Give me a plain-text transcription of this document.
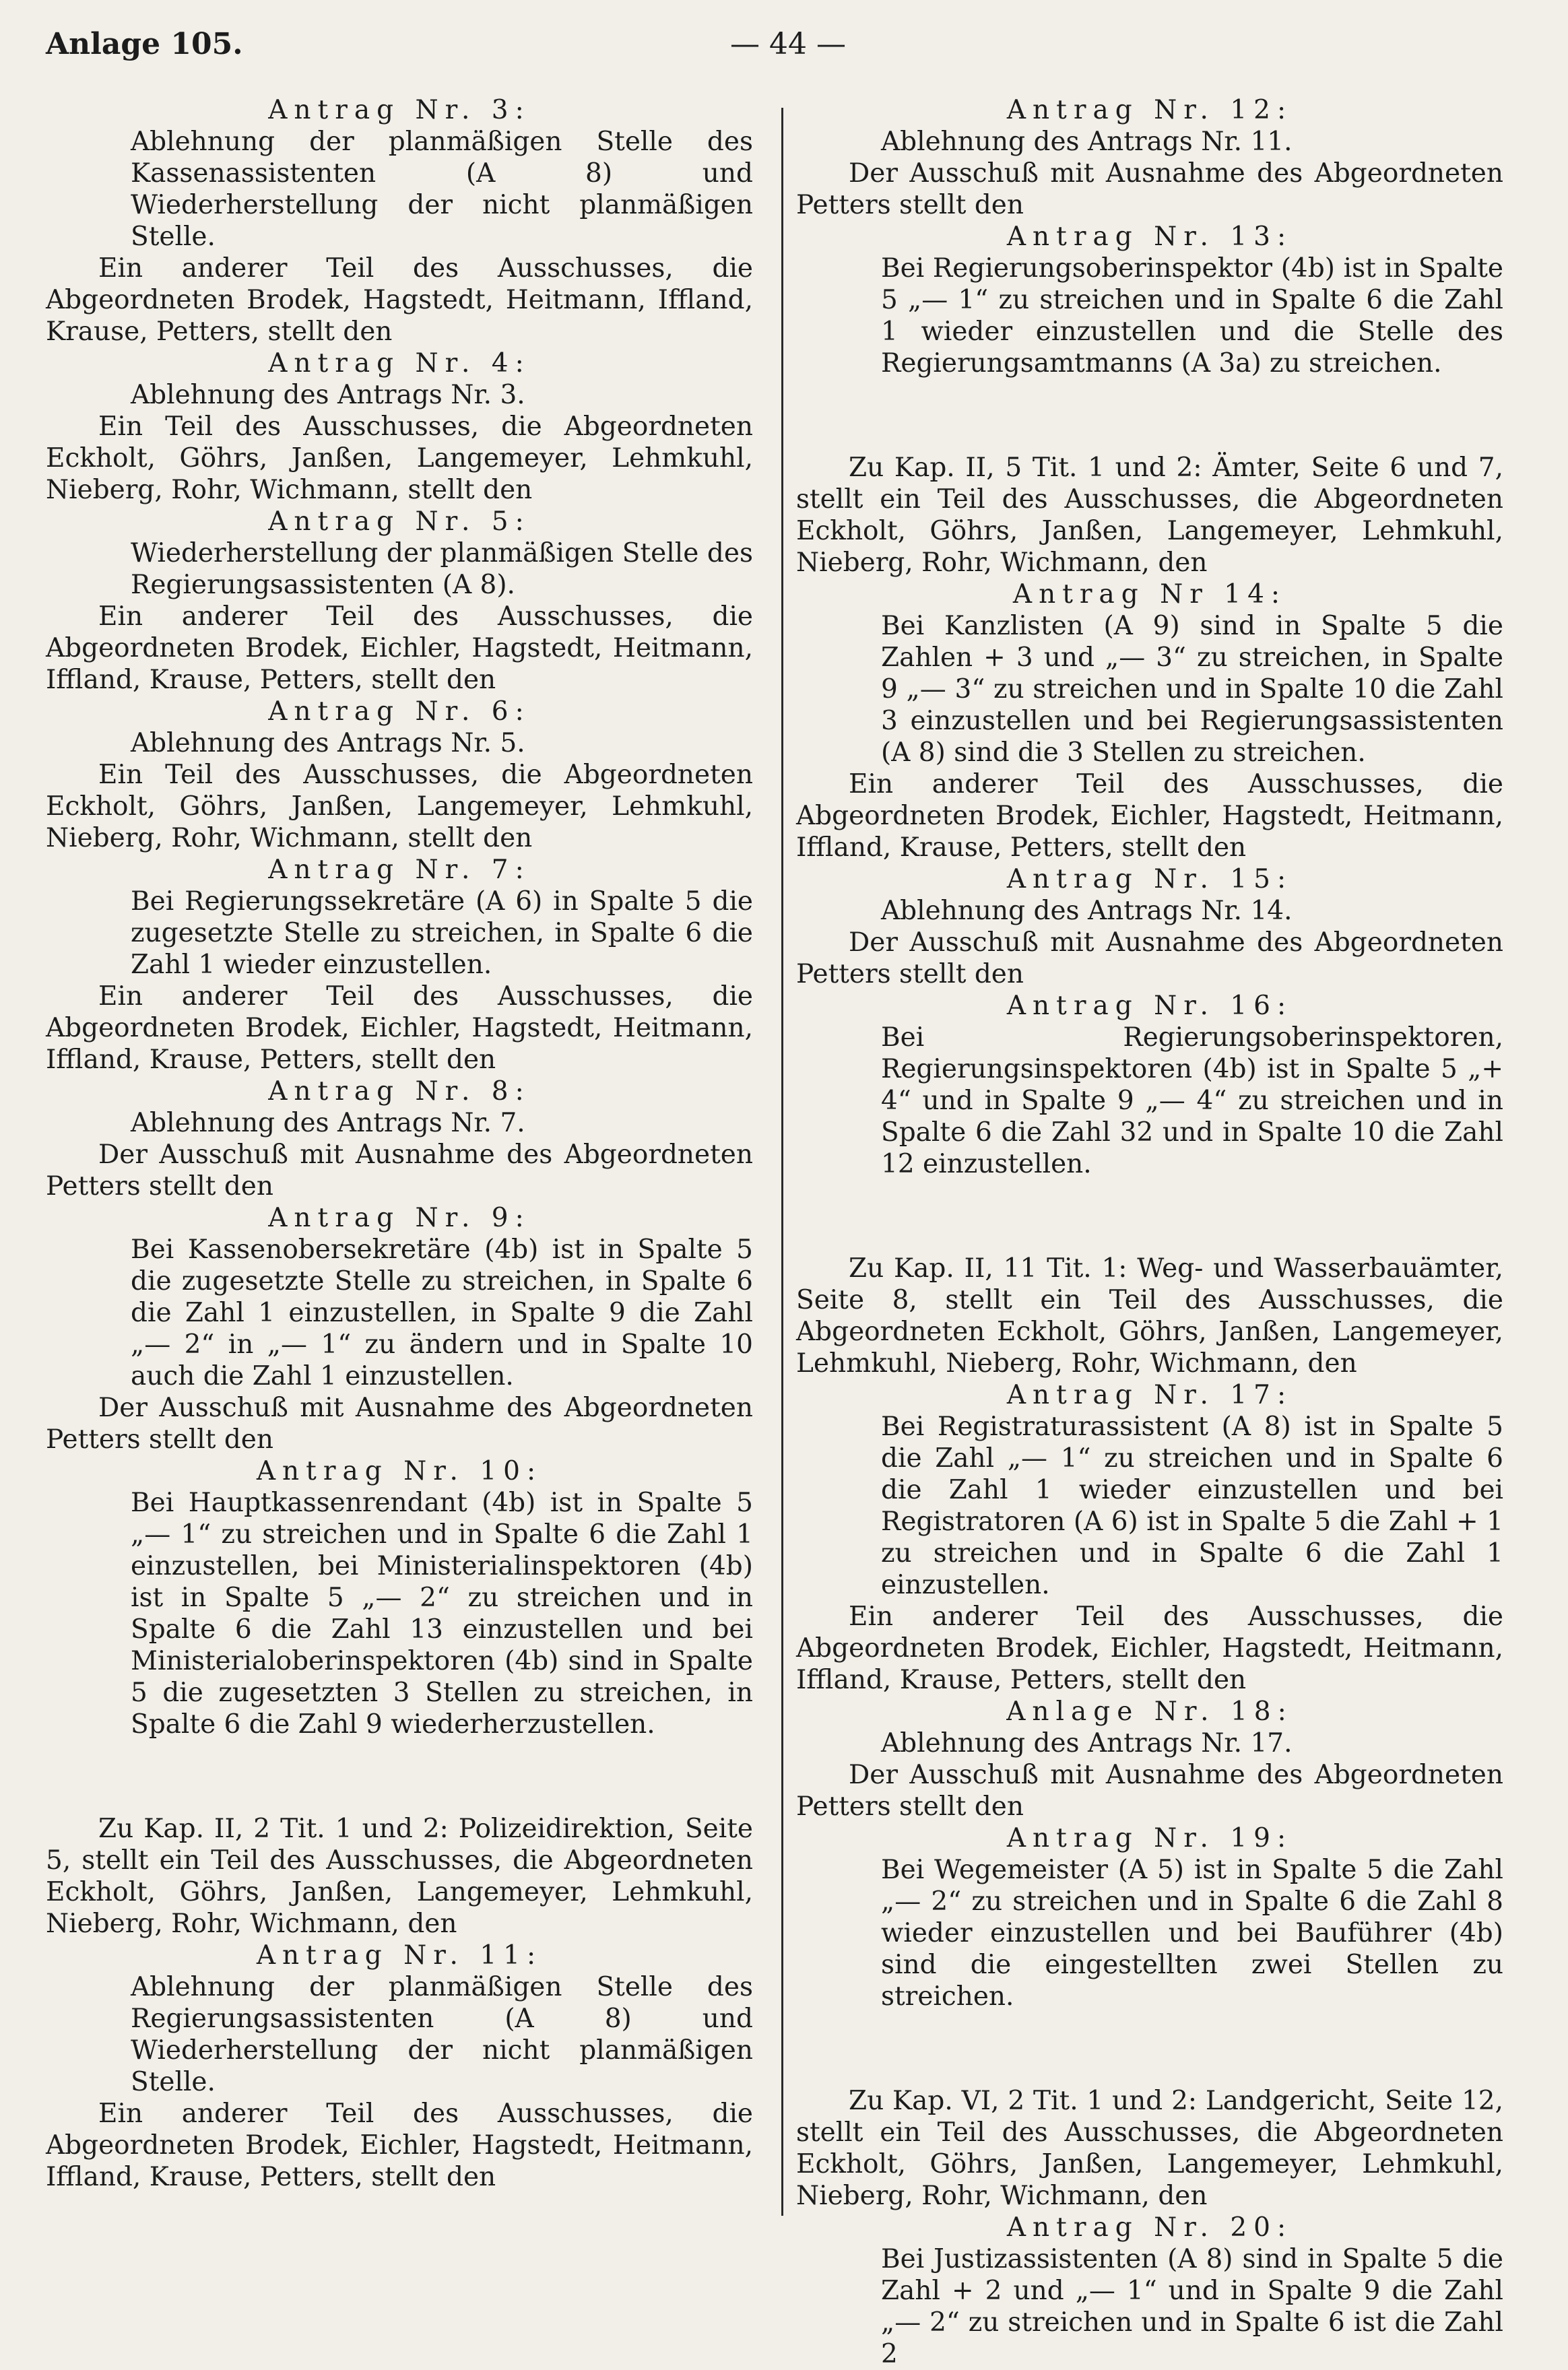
Anlage 105.	— 44 —

Antrag Nr. 3:

Ablehnung der planmäßigen Stelle des Kassenassistenten (A 8) und Wiederherstellung der nicht planmäßigen Stelle.

Ein anderer Teil des Ausschusses, die Abgeordneten Brodek, Hagstedt, Heitmann, Iffland, Krause, Petters, stellt den

Antrag Nr. 4:

Ablehnung des Antrags Nr. 3.

Ein Teil des Ausschusses, die Abgeordneten Eckholt, Göhrs, Janßen, Langemeyer, Lehmkuhl, Nieberg, Rohr, Wichmann, stellt den

Antrag Nr. 5:

Wiederherstellung der planmäßigen Stelle des Regierungsassistenten (A 8).

Ein anderer Teil des Ausschusses, die Abgeordneten Brodek, Eichler, Hagstedt, Heitmann, Iffland, Krause, Petters, stellt den

Antrag Nr. 6:

Ablehnung des Antrags Nr. 5.

Ein Teil des Ausschusses, die Abgeordneten Eckholt, Göhrs, Janßen, Langemeyer, Lehmkuhl, Nieberg, Rohr, Wichmann, stellt den

Antrag Nr. 7:

Bei Regierungssekretäre (A 6) in Spalte 5 die zugesetzte Stelle zu streichen, in Spalte 6 die Zahl 1 wieder einzustellen.

Ein anderer Teil des Ausschusses, die Abgeordneten Brodek, Eichler, Hagstedt, Heitmann, Iffland, Krause, Petters, stellt den

Antrag Nr. 8:

Ablehnung des Antrags Nr. 7.

Der Ausschuß mit Ausnahme des Abgeordneten Petters stellt den

Antrag Nr. 9:

Bei Kassenobersekretäre (4b) ist in Spalte 5 die zugesetzte Stelle zu streichen, in Spalte 6 die Zahl 1 einzustellen, in Spalte 9 die Zahl „— 2“ in „— 1“ zu ändern und in Spalte 10 auch die Zahl 1 einzustellen.

Der Ausschuß mit Ausnahme des Abgeordneten Petters stellt den

Antrag Nr. 10:

Bei Hauptkassenrendant (4b) ist in Spalte 5 „— 1“ zu streichen und in Spalte 6 die Zahl 1 einzustellen, bei Ministerialinspektoren (4b) ist in Spalte 5 „— 2“ zu streichen und in Spalte 6 die Zahl 13 einzustellen und bei Ministerialoberinspektoren (4b) sind in Spalte 5 die zugesetzten 3 Stellen zu streichen, in Spalte 6 die Zahl 9 wiederherzustellen.

Zu Kap. II, 2 Tit. 1 und 2: Polizeidirektion, Seite 5, stellt ein Teil des Ausschusses, die Abgeordneten Eckholt, Göhrs, Janßen, Langemeyer, Lehmkuhl, Nieberg, Rohr, Wichmann, den

Antrag Nr. 11:

Ablehnung der planmäßigen Stelle des Regierungsassistenten (A 8) und Wiederherstellung der nicht planmäßigen Stelle.

Ein anderer Teil des Ausschusses, die Abgeordneten Brodek, Eichler, Hagstedt, Heitmann, Iffland, Krause, Petters, stellt den

Antrag Nr. 12:

Ablehnung des Antrags Nr. 11.

Der Ausschuß mit Ausnahme des Abgeordneten Petters stellt den

Antrag Nr. 13:

Bei Regierungsoberinspektor (4b) ist in Spalte 5 „— 1“ zu streichen und in Spalte 6 die Zahl 1 wieder einzustellen und die Stelle des Regierungsamtmanns (A 3a) zu streichen.

Zu Kap. II, 5 Tit. 1 und 2: Ämter, Seite 6 und 7, stellt ein Teil des Ausschusses, die Abgeordneten Eckholt, Göhrs, Janßen, Langemeyer, Lehmkuhl, Nieberg, Rohr, Wichmann, den

Antrag Nr 14:

Bei Kanzlisten (A 9) sind in Spalte 5 die Zahlen + 3 und „— 3“ zu streichen, in Spalte 9 „— 3“ zu streichen und in Spalte 10 die Zahl 3 einzustellen und bei Regierungsassistenten (A 8) sind die 3 Stellen zu streichen.

Ein anderer Teil des Ausschusses, die Abgeordneten Brodek, Eichler, Hagstedt, Heitmann, Iffland, Krause, Petters, stellt den

Antrag Nr. 15:

Ablehnung des Antrags Nr. 14.

Der Ausschuß mit Ausnahme des Abgeordneten Petters stellt den

Antrag Nr. 16:

Bei Regierungsoberinspektoren, Regierungsinspektoren (4b) ist in Spalte 5 „+ 4“ und in Spalte 9 „— 4“ zu streichen und in Spalte 6 die Zahl 32 und in Spalte 10 die Zahl 12 einzustellen.

Zu Kap. II, 11 Tit. 1: Weg- und Wasserbauämter, Seite 8, stellt ein Teil des Ausschusses, die Abgeordneten Eckholt, Göhrs, Janßen, Langemeyer, Lehmkuhl, Nieberg, Rohr, Wichmann, den

Antrag Nr. 17:

Bei Registraturassistent (A 8) ist in Spalte 5 die Zahl „— 1“ zu streichen und in Spalte 6 die Zahl 1 wieder einzustellen und bei Registratoren (A 6) ist in Spalte 5 die Zahl + 1 zu streichen und in Spalte 6 die Zahl 1 einzustellen.

Ein anderer Teil des Ausschusses, die Abgeordneten Brodek, Eichler, Hagstedt, Heitmann, Iffland, Krause, Petters, stellt den

Anlage Nr. 18:

Ablehnung des Antrags Nr. 17.

Der Ausschuß mit Ausnahme des Abgeordneten Petters stellt den

Antrag Nr. 19:

Bei Wegemeister (A 5) ist in Spalte 5 die Zahl „— 2“ zu streichen und in Spalte 6 die Zahl 8 wieder einzustellen und bei Bauführer (4b) sind die eingestellten zwei Stellen zu streichen.

Zu Kap. VI, 2 Tit. 1 und 2: Landgericht, Seite 12, stellt ein Teil des Ausschusses, die Abgeordneten Eckholt, Göhrs, Janßen, Langemeyer, Lehmkuhl, Nieberg, Rohr, Wichmann, den

Antrag Nr. 20:

Bei Justizassistenten (A 8) sind in Spalte 5 die Zahl + 2 und „— 1“ und in Spalte 9 die Zahl „— 2“ zu streichen und in Spalte 6 ist die Zahl 2
